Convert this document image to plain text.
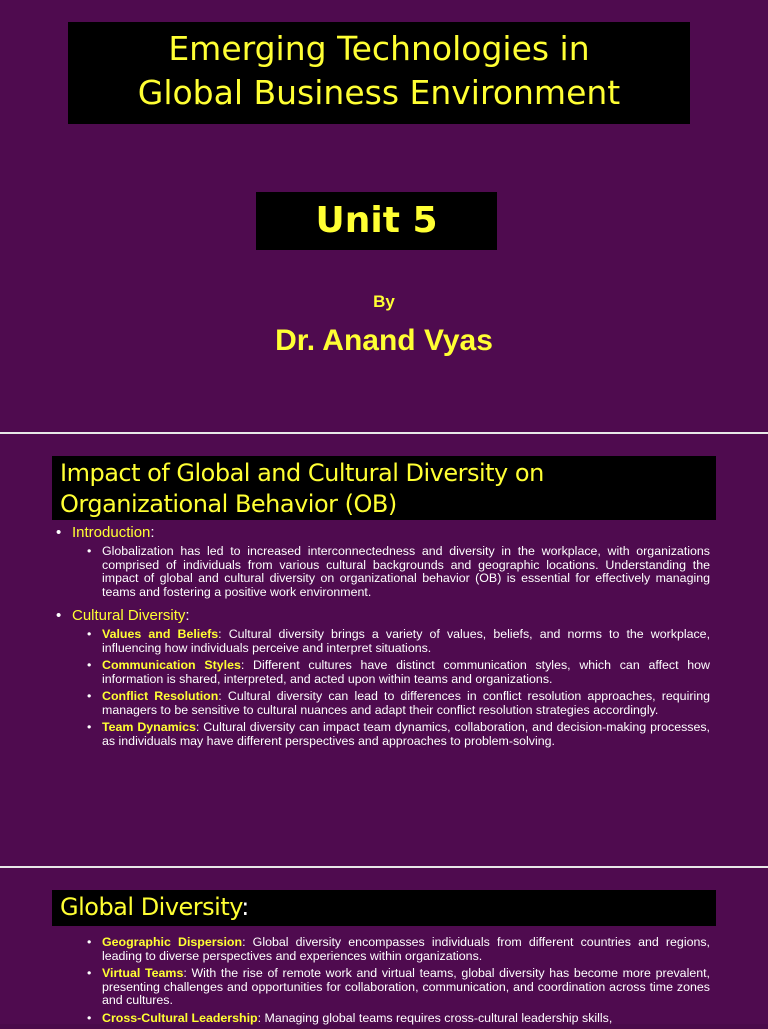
Emerging Technologies in
Global Business Environment
Unit 5
By
Dr. Anand Vyas
Impact of Global and Cultural Diversity on
Organizational Behavior (OB)
• Introduction:
• Globalization has led to increased interconnectedness and diversity in the workplace, with organizations comprised of individuals from various cultural backgrounds and geographic locations. Understanding the impact of global and cultural diversity on organizational behavior (OB) is essential for effectively managing teams and fostering a positive work environment.
• Cultural Diversity:
• Values and Beliefs: Cultural diversity brings a variety of values, beliefs, and norms to the workplace, influencing how individuals perceive and interpret situations.
• Communication Styles: Different cultures have distinct communication styles, which can affect how information is shared, interpreted, and acted upon within teams and organizations.
• Conflict Resolution: Cultural diversity can lead to differences in conflict resolution approaches, requiring managers to be sensitive to cultural nuances and adapt their conflict resolution strategies accordingly.
• Team Dynamics: Cultural diversity can impact team dynamics, collaboration, and decision-making processes, as individuals may have different perspectives and approaches to problem-solving.
Global Diversity:
• Geographic Dispersion: Global diversity encompasses individuals from different countries and regions, leading to diverse perspectives and experiences within organizations.
• Virtual Teams: With the rise of remote work and virtual teams, global diversity has become more prevalent, presenting challenges and opportunities for collaboration, communication, and coordination across time zones and cultures.
• Cross-Cultural Leadership: Managing global teams requires cross-cultural leadership skills,
